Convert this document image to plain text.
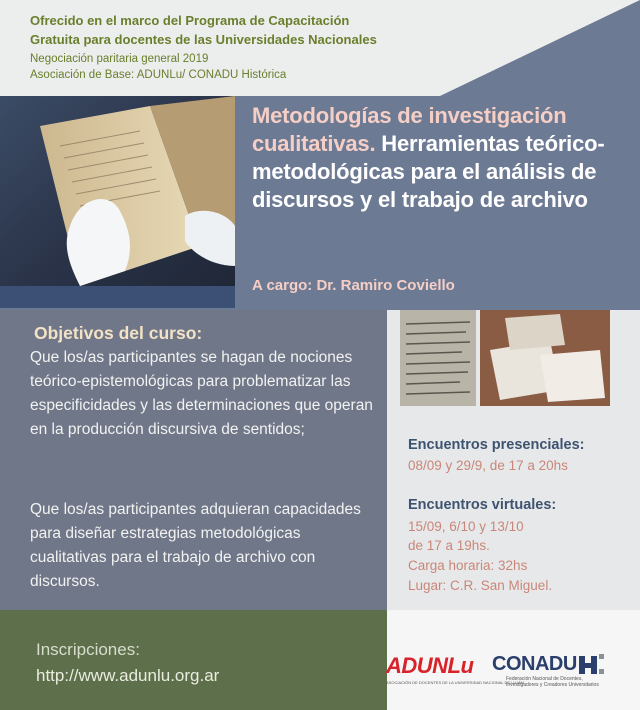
Ofrecido en el marco del Programa de Capacitación
Gratuita para docentes de las Universidades Nacionales
Negociación paritaria general 2019
Asociación de Base: ADUNLu/ CONADU Histórica
Metodologías de investigación cualitativas. Herramientas teórico-metodológicas para el análisis de discursos y el trabajo de archivo
A cargo: Dr. Ramiro Coviello
Objetivos del curso:
Que los/as participantes se hagan de nociones teórico-epistemológicas para problematizar las especificidades y las determinaciones que operan en la producción discursiva de sentidos;
Que los/as participantes adquieran capacidades para diseñar estrategias metodológicas cualitativas para el trabajo de archivo con discursos.
Encuentros presenciales:
08/09 y 29/9, de 17 a 20hs
Encuentros virtuales:
15/09, 6/10 y 13/10
de 17 a 19hs.
Carga horaria: 32hs
Lugar: C.R. San Miguel.
Inscripciones:
http://www.adunlu.org.ar	ADUNLu
ASOCIACIÓN DE DOCENTES DE LA UNIVERSIDAD NACIONAL DE LUJÁN
CONADU
Federación Nacional de Docentes,
Investigadores y Creadores Universitarios
